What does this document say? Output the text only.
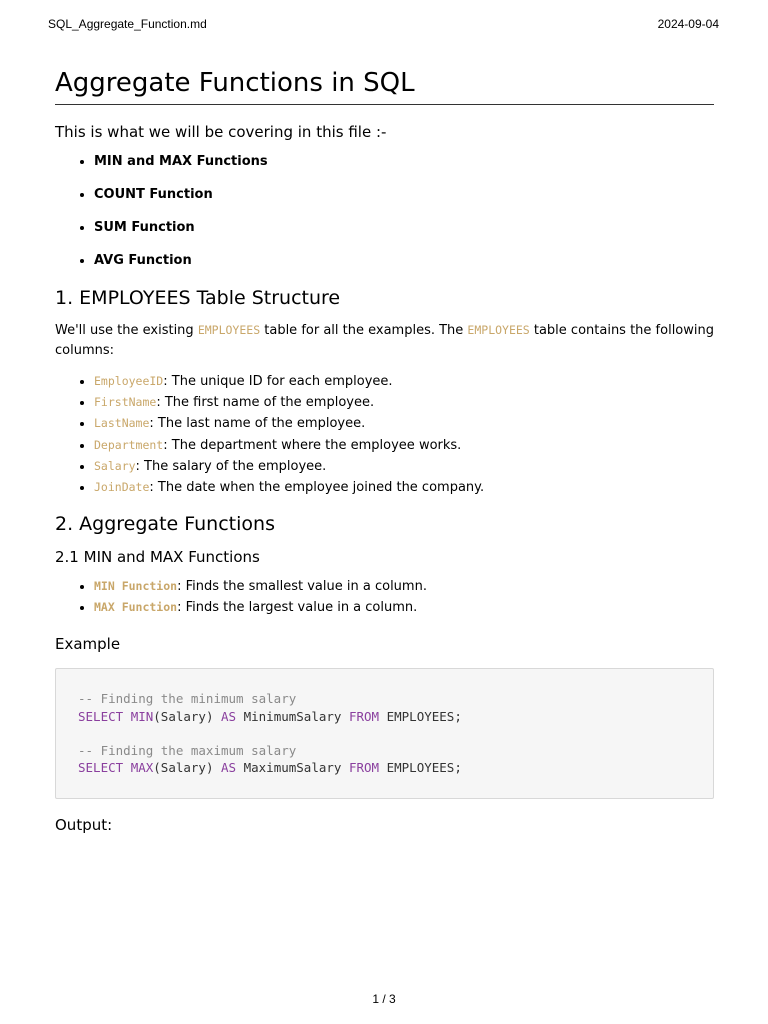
SQL_Aggregate_Function.md	2024-09-04
Aggregate Functions in SQL

This is what we will be covering in this file :-

• MIN and MAX Functions
• COUNT Function
• SUM Function
• AVG Function
1. EMPLOYEES Table Structure

We'll use the existing EMPLOYEES table for all the examples. The EMPLOYEES table contains the following columns:

• EmployeeID: The unique ID for each employee.
• FirstName: The first name of the employee.
• LastName: The last name of the employee.
• Department: The department where the employee works.
• Salary: The salary of the employee.
• JoinDate: The date when the employee joined the company.
2. Aggregate Functions
2.1 MIN and MAX Functions
• MIN Function: Finds the smallest value in a column.
• MAX Function: Finds the largest value in a column.

Example

-- Finding the minimum salary
SELECT MIN(Salary) AS MinimumSalary FROM EMPLOYEES;

-- Finding the maximum salary
SELECT MAX(Salary) AS MaximumSalary FROM EMPLOYEES;

Output:

1 / 3
